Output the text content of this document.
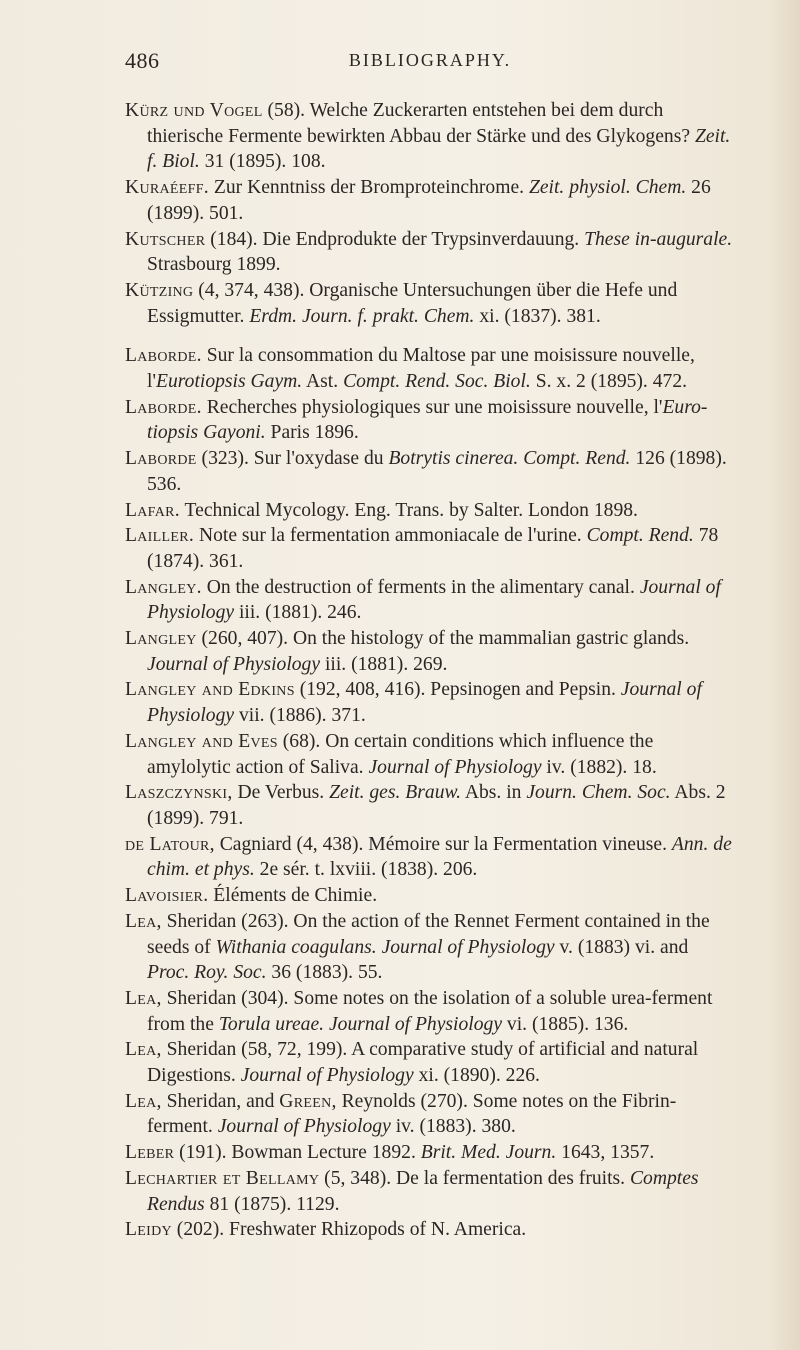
486	BIBLIOGRAPHY.

Kürz und Vogel (58). Welche Zuckerarten entstehen bei dem durch thierische Fermente bewirkten Abbau der Stärke und des Glykogens? Zeit. f. Biol. 31 (1895). 108.

Kuraéeff. Zur Kenntniss der Bromproteinchrome. Zeit. physiol. Chem. 26 (1899). 501.

Kutscher (184). Die Endprodukte der Trypsinverdauung. These in-augurale. Strasbourg 1899.

Kützing (4, 374, 438). Organische Untersuchungen über die Hefe und Essigmutter. Erdm. Journ. f. prakt. Chem. xi. (1837). 381.

Laborde. Sur la consommation du Maltose par une moisissure nouvelle, l'Eurotiopsis Gaym. Ast. Compt. Rend. Soc. Biol. S. x. 2 (1895). 472.

Laborde. Recherches physiologiques sur une moisissure nouvelle, l'Euro-tiopsis Gayoni. Paris 1896.

Laborde (323). Sur l'oxydase du Botrytis cinerea. Compt. Rend. 126 (1898). 536.

Lafar. Technical Mycology. Eng. Trans. by Salter. London 1898.

Lailler. Note sur la fermentation ammoniacale de l'urine. Compt. Rend. 78 (1874). 361.

Langley. On the destruction of ferments in the alimentary canal. Journal of Physiology iii. (1881). 246.

Langley (260, 407). On the histology of the mammalian gastric glands. Journal of Physiology iii. (1881). 269.

Langley and Edkins (192, 408, 416). Pepsinogen and Pepsin. Journal of Physiology vii. (1886). 371.

Langley and Eves (68). On certain conditions which influence the amylolytic action of Saliva. Journal of Physiology iv. (1882). 18.

Laszczynski, De Verbus. Zeit. ges. Brauw. Abs. in Journ. Chem. Soc. Abs. 2 (1899). 791.

de Latour, Cagniard (4, 438). Mémoire sur la Fermentation vineuse. Ann. de chim. et phys. 2e sér. t. lxviii. (1838). 206.

Lavoisier. Éléments de Chimie.

Lea, Sheridan (263). On the action of the Rennet Ferment contained in the seeds of Withania coagulans. Journal of Physiology v. (1883) vi. and Proc. Roy. Soc. 36 (1883). 55.

Lea, Sheridan (304). Some notes on the isolation of a soluble urea-ferment from the Torula ureae. Journal of Physiology vi. (1885). 136.

Lea, Sheridan (58, 72, 199). A comparative study of artificial and natural Digestions. Journal of Physiology xi. (1890). 226.

Lea, Sheridan, and Green, Reynolds (270). Some notes on the Fibrin-ferment. Journal of Physiology iv. (1883). 380.

Leber (191). Bowman Lecture 1892. Brit. Med. Journ. 1643, 1357.

Lechartier et Bellamy (5, 348). De la fermentation des fruits. Comptes Rendus 81 (1875). 1129.

Leidy (202). Freshwater Rhizopods of N. America.
